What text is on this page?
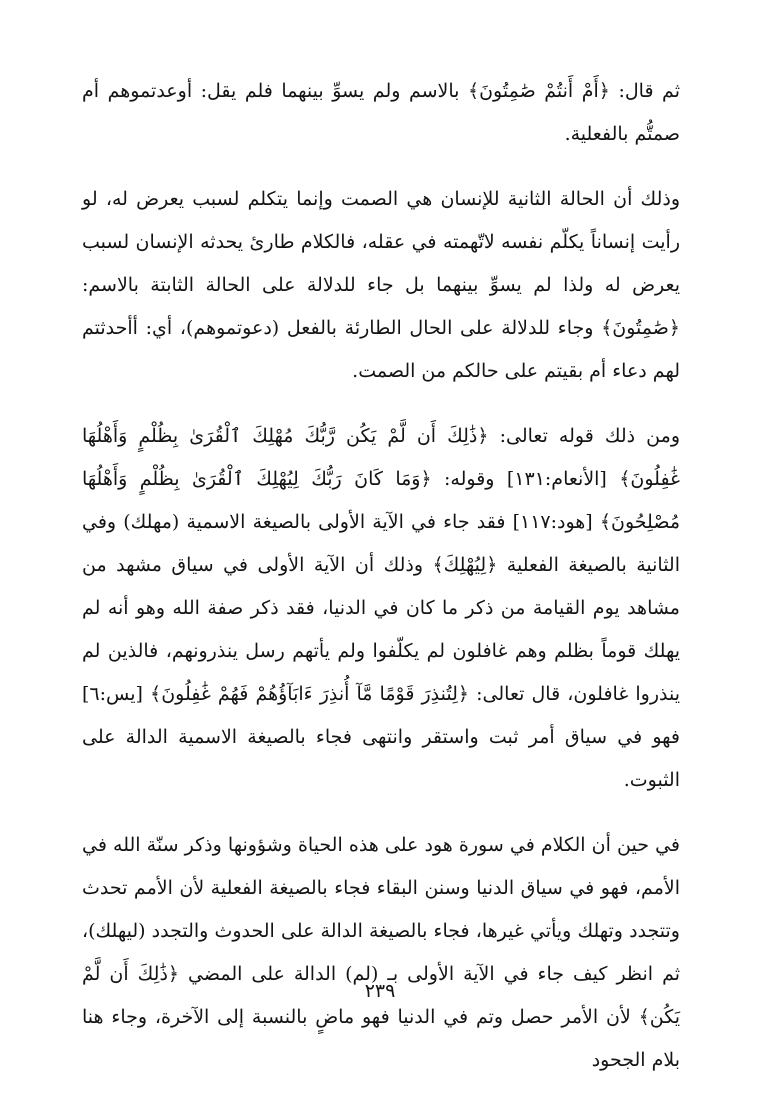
ثم قال: ﴿أَمْ أَنتُمْ صَٰمِتُونَ﴾ بالاسم ولم يسوِّ بينهما فلم يقل: أوعدتموهم أم صمتُّم بالفعلية.

وذلك أن الحالة الثانية للإنسان هي الصمت وإنما يتكلم لسبب يعرض له، لو رأيت إنساناً يكلّم نفسه لاتّهمته في عقله، فالكلام طارئ يحدثه الإنسان لسبب يعرض له ولذا لم يسوِّ بينهما بل جاء للدلالة على الحالة الثابتة بالاسم: ﴿صَٰمِتُونَ﴾ وجاء للدلالة على الحال الطارئة بالفعل (دعوتموهم)، أي: أأحدثتم لهم دعاء أم بقيتم على حالكم من الصمت.

ومن ذلك قوله تعالى: ﴿ذَٰلِكَ أَن لَّمْ يَكُن رَّبُّكَ مُهْلِكَ ٱلْقُرَىٰ بِظُلْمٍ وَأَهْلُهَا غَٰفِلُونَ﴾ [الأنعام:١٣١] وقوله: ﴿وَمَا كَانَ رَبُّكَ لِيُهْلِكَ ٱلْقُرَىٰ بِظُلْمٍ وَأَهْلُهَا مُصْلِحُونَ﴾ [هود:١١٧] فقد جاء في الآية الأولى بالصيغة الاسمية (مهلك) وفي الثانية بالصيغة الفعلية ﴿لِيُهْلِكَ﴾ وذلك أن الآية الأولى في سياق مشهد من مشاهد يوم القيامة من ذكر ما كان في الدنيا، فقد ذكر صفة الله وهو أنه لم يهلك قوماً بظلم وهم غافلون لم يكلّفوا ولم يأتهم رسل ينذرونهم، فالذين لم ينذروا غافلون، قال تعالى: ﴿لِتُنذِرَ قَوْمًا مَّآ أُنذِرَ ءَابَآؤُهُمْ فَهُمْ غَٰفِلُونَ﴾ [يس:٦] فهو في سياق أمر ثبت واستقر وانتهى فجاء بالصيغة الاسمية الدالة على الثبوت.

في حين أن الكلام في سورة هود على هذه الحياة وشؤونها وذكر سنّة الله في الأمم، فهو في سياق الدنيا وسنن البقاء فجاء بالصيغة الفعلية لأن الأمم تحدث وتتجدد وتهلك ويأتي غيرها، فجاء بالصيغة الدالة على الحدوث والتجدد (ليهلك)، ثم انظر كيف جاء في الآية الأولى بـ (لم) الدالة على المضي ﴿ذَٰلِكَ أَن لَّمْ يَكُن﴾ لأن الأمر حصل وتم في الدنيا فهو ماضٍ بالنسبة إلى الآخرة، وجاء هنا بلام الجحود

٢٣٩
